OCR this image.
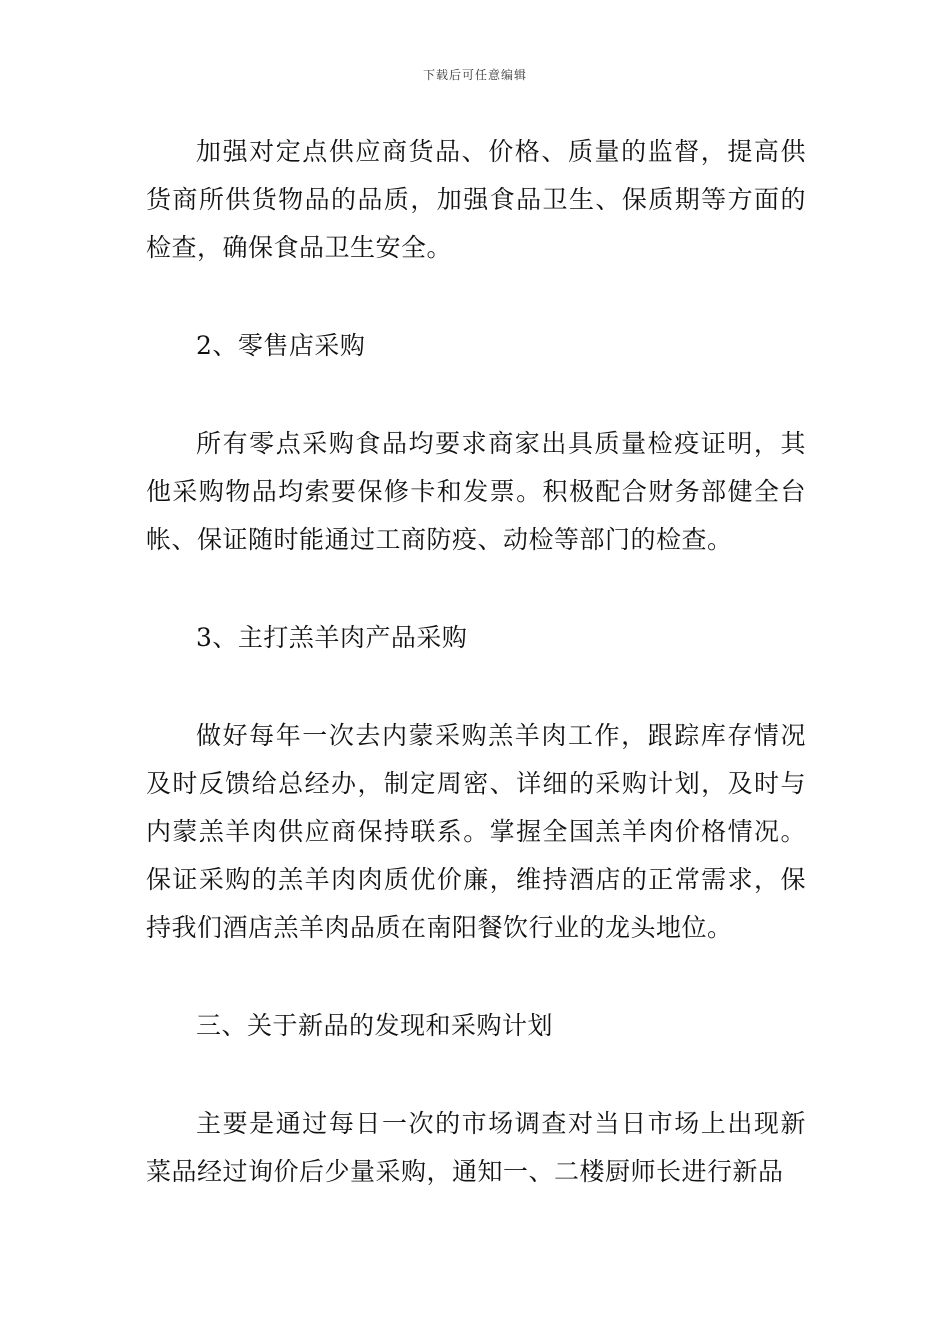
下载后可任意编辑

加强对定点供应商货品、价格、质量的监督，提高供货商所供货物品的品质，加强食品卫生、保质期等方面的检查，确保食品卫生安全。

2、零售店采购

所有零点采购食品均要求商家出具质量检疫证明，其他采购物品均索要保修卡和发票。积极配合财务部健全台帐、保证随时能通过工商防疫、动检等部门的检查。

3、主打羔羊肉产品采购

做好每年一次去内蒙采购羔羊肉工作，跟踪库存情况及时反馈给总经办，制定周密、详细的采购计划，及时与内蒙羔羊肉供应商保持联系。掌握全国羔羊肉价格情况。保证采购的羔羊肉肉质优价廉，维持酒店的正常需求，保持我们酒店羔羊肉品质在南阳餐饮行业的龙头地位。

三、关于新品的发现和采购计划

主要是通过每日一次的市场调查对当日市场上出现新菜品经过询价后少量采购，通知一、二楼厨师长进行新品
